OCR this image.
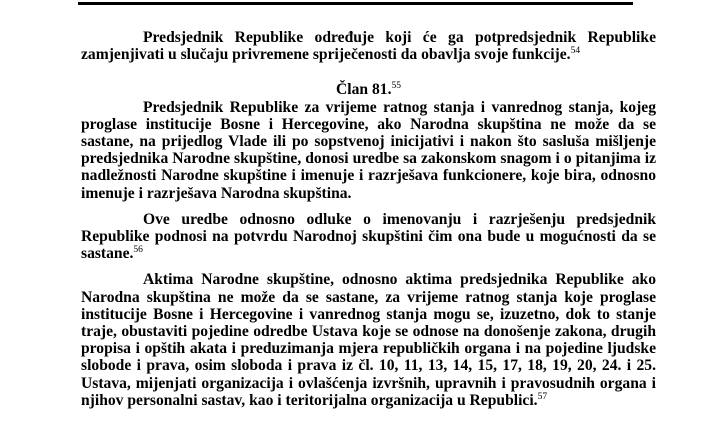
Predsjednik Republike određuje koji će ga potpredsjednik Republike zamjenjivati u slučaju privremene spriječenosti da obavlja svoje funkcije.$^{54}$

Član 81.55

Predsjednik Republike za vrijeme ratnog stanja i vanrednog stanja, kojeg proglase institucije Bosne i Hercegovine, ako Narodna skupština ne može da se sastane, na prijedlog Vlade ili po sopstvenoj inicijativi i nakon što sasluša mišljenje predsjednika Narodne skupštine, donosi uredbe sa zakonskom snagom i o pitanjima iz nadležnosti Narodne skupštine i imenuje i razrješava funkcionere, koje bira, odnosno imenuje i razrješava Narodna skupština.

Ove uredbe odnosno odluke o imenovanju i razrješenju predsjednik Republike podnosi na potvrdu Narodnoj skupštini čim ona bude u mogućnosti da se sastane.$^{56}$

Aktima Narodne skupštine, odnosno aktima predsjednika Republike ako Narodna skupština ne može da se sastane, za vrijeme ratnog stanja koje proglase institucije Bosne i Hercegovine i vanrednog stanja mogu se, izuzetno, dok to stanje traje, obustaviti pojedine odredbe Ustava koje se odnose na donošenje zakona, drugih propisa i opštih akata i preduzimanja mjera republičkih organa i na pojedine ljudske slobode i prava, osim sloboda i prava iz čl. 10, 11, 13, 14, 15, 17, 18, 19, 20, 24. i 25. Ustava, mijenjati organizacija i ovlašćenja izvršnih, upravnih i pravosudnih organa i njihov personalni sastav, kao i teritorijalna organizacija u Republici.$^{57}$
